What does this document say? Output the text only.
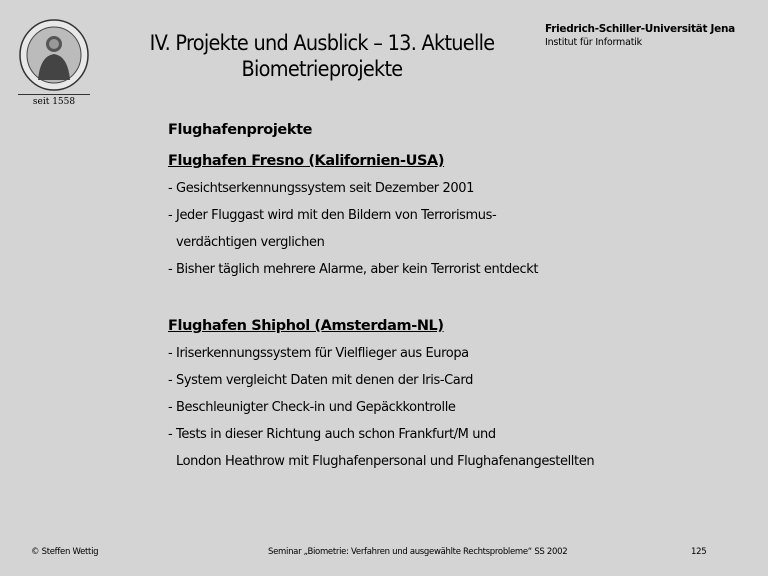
seit 1558
IV. Projekte und Ausblick – 13. Aktuelle
Biometrieprojekte
Friedrich-Schiller-Universität Jena
Institut für Informatik
Flughafenprojekte
Flughafen Fresno (Kalifornien-USA)
- Gesichtserkennungssystem seit Dezember 2001
- Jeder Fluggast wird mit den Bildern von Terrorismus-
verdächtigen verglichen
- Bisher täglich mehrere Alarme, aber kein Terrorist entdeckt
Flughafen Shiphol (Amsterdam-NL)
- Iriserkennungssystem für Vielflieger aus Europa
- System vergleicht Daten mit denen der Iris-Card
- Beschleunigter Check-in und Gepäckkontrolle
- Tests in dieser Richtung auch schon Frankfurt/M und
London Heathrow mit Flughafenpersonal und Flughafenangestellten
© Steffen Wettig	Seminar „Biometrie: Verfahren und ausgewählte Rechtsprobleme“ SS 2002	125
